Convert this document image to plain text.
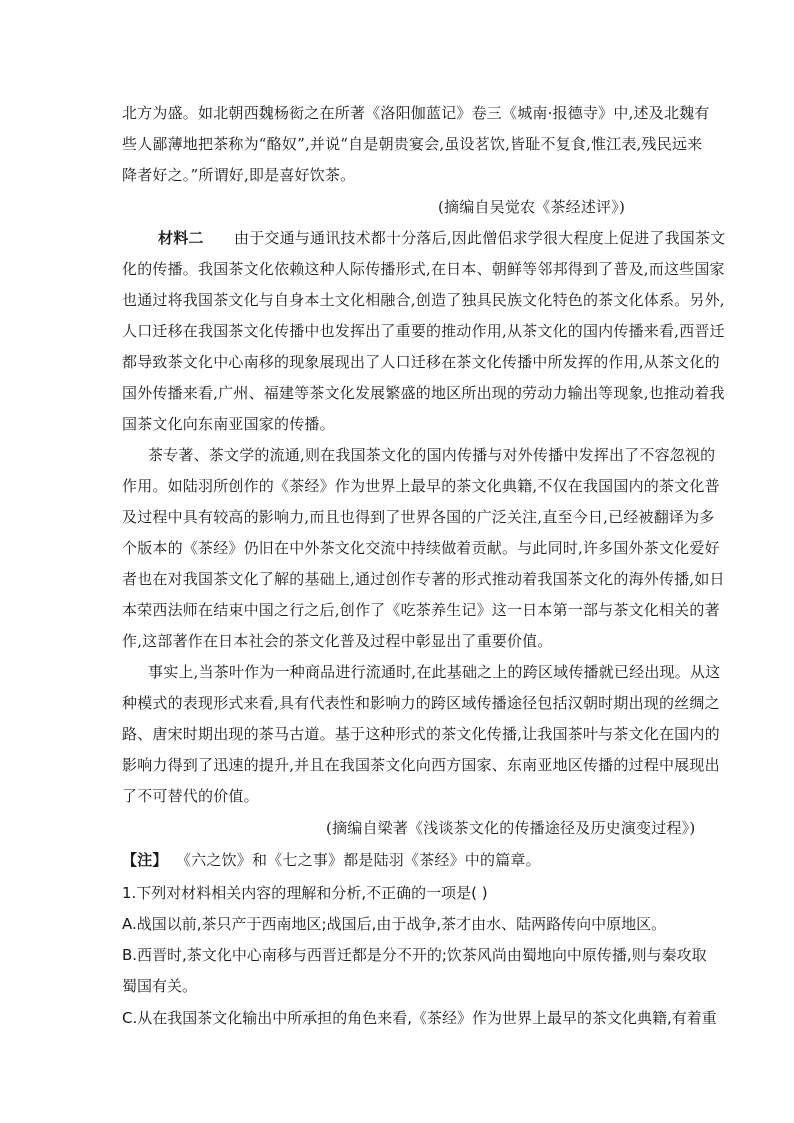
北方为盛。如北朝西魏杨衒之在所著《洛阳伽蓝记》卷三《城南·报德寺》中,述及北魏有
些人鄙薄地把茶称为“酪奴”,并说“自是朝贵宴会,虽设茗饮,皆耻不复食,惟江表,残民远来
降者好之。”所谓好,即是喜好饮茶。
(摘编自吴觉农《茶经述评》)
材料二 由于交通与通讯技术都十分落后,因此僧侣求学很大程度上促进了我国茶文
化的传播。我国茶文化依赖这种人际传播形式,在日本、朝鲜等邻邦得到了普及,而这些国家
也通过将我国茶文化与自身本土文化相融合,创造了独具民族文化特色的茶文化体系。另外,
人口迁移在我国茶文化传播中也发挥出了重要的推动作用,从茶文化的国内传播来看,西晋迁
都导致茶文化中心南移的现象展现出了人口迁移在茶文化传播中所发挥的作用,从茶文化的
国外传播来看,广州、福建等茶文化发展繁盛的地区所出现的劳动力输出等现象,也推动着我
国茶文化向东南亚国家的传播。
茶专著、茶文学的流通,则在我国茶文化的国内传播与对外传播中发挥出了不容忽视的
作用。如陆羽所创作的《茶经》作为世界上最早的茶文化典籍,不仅在我国国内的茶文化普
及过程中具有较高的影响力,而且也得到了世界各国的广泛关注,直至今日,已经被翻译为多
个版本的《茶经》仍旧在中外茶文化交流中持续做着贡献。与此同时,许多国外茶文化爱好
者也在对我国茶文化了解的基础上,通过创作专著的形式推动着我国茶文化的海外传播,如日
本荣西法师在结束中国之行之后,创作了《吃茶养生记》这一日本第一部与茶文化相关的著
作,这部著作在日本社会的茶文化普及过程中彰显出了重要价值。
事实上,当茶叶作为一种商品进行流通时,在此基础之上的跨区域传播就已经出现。从这
种模式的表现形式来看,具有代表性和影响力的跨区域传播途径包括汉朝时期出现的丝绸之
路、唐宋时期出现的茶马古道。基于这种形式的茶文化传播,让我国茶叶与茶文化在国内的
影响力得到了迅速的提升,并且在我国茶文化向西方国家、东南亚地区传播的过程中展现出
了不可替代的价值。
(摘编自梁著《浅谈茶文化的传播途径及历史演变过程》)
【注】 《六之饮》和《七之事》都是陆羽《茶经》中的篇章。
1.下列对材料相关内容的理解和分析,不正确的一项是( )
A.战国以前,茶只产于西南地区;战国后,由于战争,茶才由水、陆两路传向中原地区。
B.西晋时,茶文化中心南移与西晋迁都是分不开的;饮茶风尚由蜀地向中原传播,则与秦攻取
蜀国有关。
C.从在我国茶文化输出中所承担的角色来看,《茶经》作为世界上最早的茶文化典籍,有着重
